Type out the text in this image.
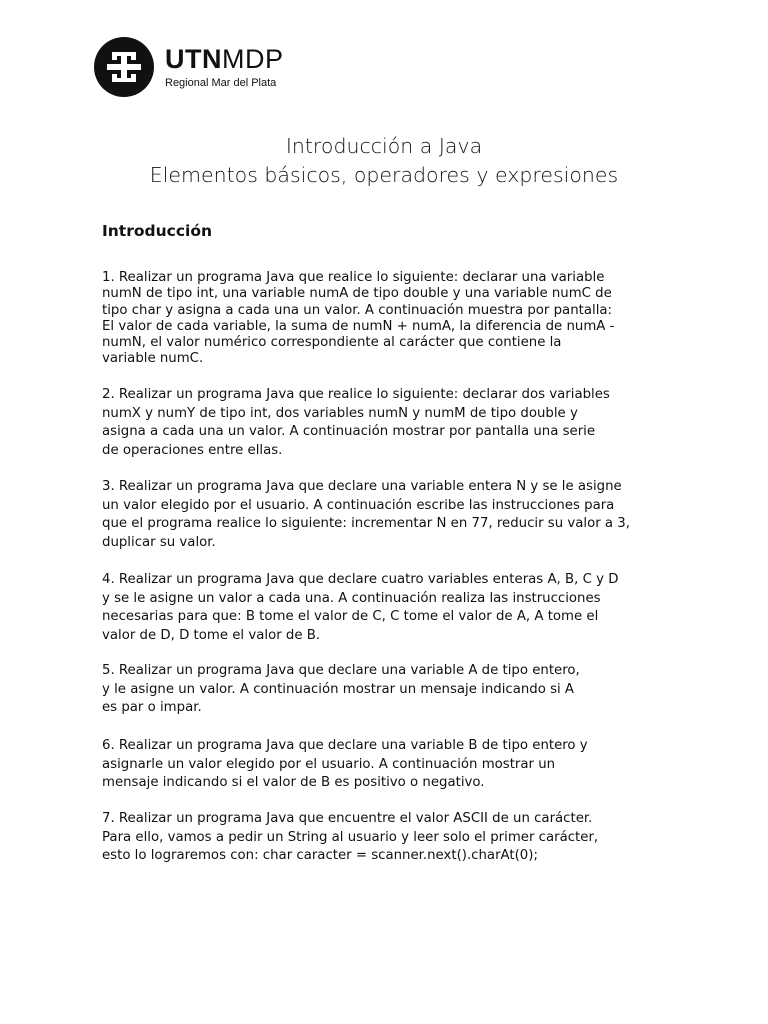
UTNMDP
Regional Mar del Plata
Introducción a Java
Elementos básicos, operadores y expresiones
Introducción
1. Realizar un programa Java que realice lo siguiente: declarar una variable
numN de tipo int, una variable numA de tipo double y una variable numC de
tipo char y asigna a cada una un valor. A continuación muestra por pantalla:
El valor de cada variable, la suma de numN + numA, la diferencia de numA -
numN, el valor numérico correspondiente al carácter que contiene la
variable numC.
2. Realizar un programa Java que realice lo siguiente: declarar dos variables
numX y numY de tipo int, dos variables numN y numM de tipo double y
asigna a cada una un valor. A continuación mostrar por pantalla una serie
de operaciones entre ellas.
3. Realizar un programa Java que declare una variable entera N y se le asigne
un valor elegido por el usuario. A continuación escribe las instrucciones para
que el programa realice lo siguiente: incrementar N en 77, reducir su valor a 3,
duplicar su valor.
4. Realizar un programa Java que declare cuatro variables enteras A, B, C y D
y se le asigne un valor a cada una. A continuación realiza las instrucciones
necesarias para que: B tome el valor de C, C tome el valor de A, A tome el
valor de D, D tome el valor de B.
5. Realizar un programa Java que declare una variable A de tipo entero,
y le asigne un valor. A continuación mostrar un mensaje indicando si A
es par o impar.
6. Realizar un programa Java que declare una variable B de tipo entero y
asignarle un valor elegido por el usuario. A continuación mostrar un
mensaje indicando si el valor de B es positivo o negativo.
7. Realizar un programa Java que encuentre el valor ASCII de un carácter.
Para ello, vamos a pedir un String al usuario y leer solo el primer carácter,
esto lo lograremos con: char caracter = scanner.next().charAt(0);
